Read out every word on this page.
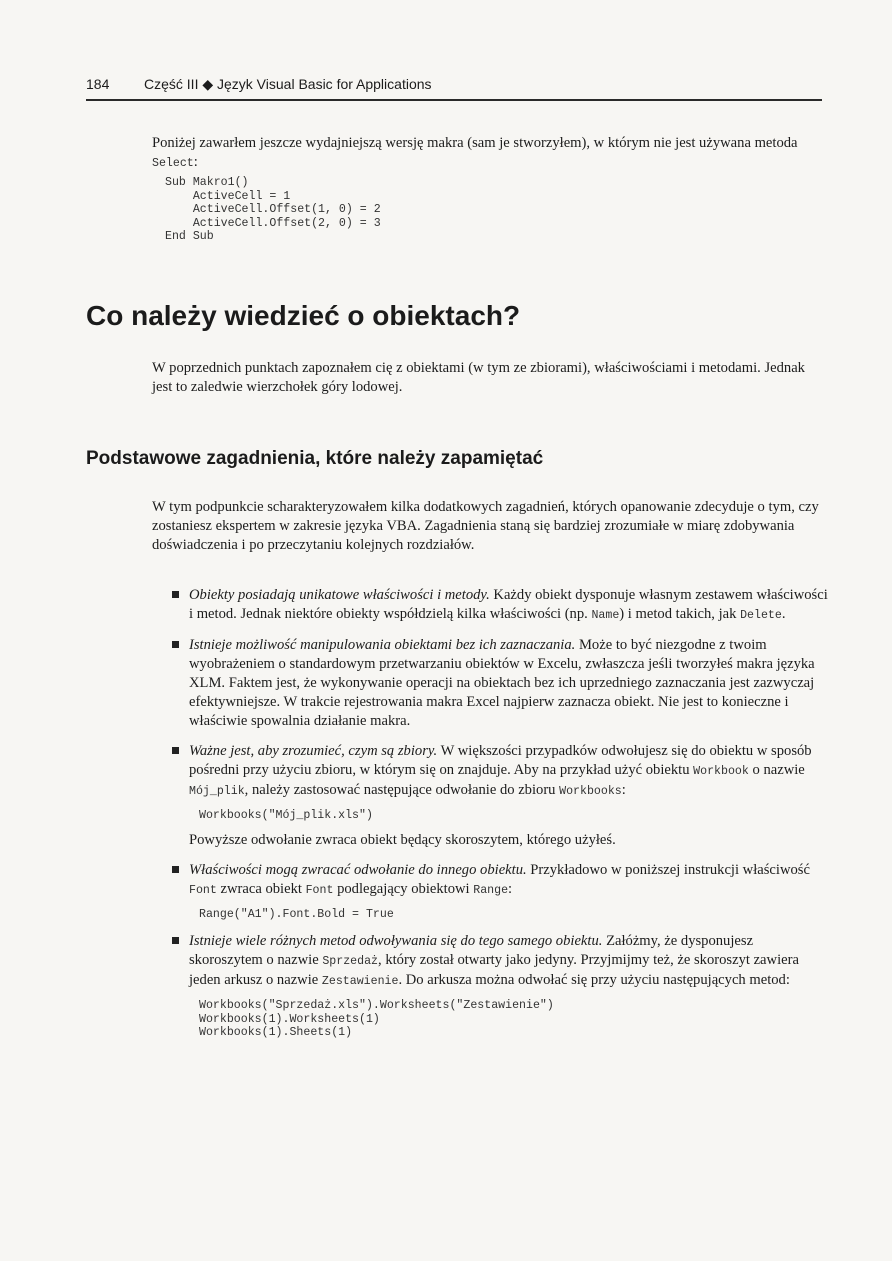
184 Część III ◆ Język Visual Basic for Applications

Poniżej zawarłem jeszcze wydajniejszą wersję makra (sam je stworzyłem), w którym nie jest używana metoda Select:

Sub Makro1()
ActiveCell = 1
ActiveCell.Offset(1, 0) = 2
ActiveCell.Offset(2, 0) = 3
End Sub
Co należy wiedzieć o obiektach?

W poprzednich punktach zapoznałem cię z obiektami (w tym ze zbiorami), właściwościami i metodami. Jednak jest to zaledwie wierzchołek góry lodowej.

Podstawowe zagadnienia, które należy zapamiętać

W tym podpunkcie scharakteryzowałem kilka dodatkowych zagadnień, których opanowanie zdecyduje o tym, czy zostaniesz ekspertem w zakresie języka VBA. Zagadnienia staną się bardziej zrozumiałe w miarę zdobywania doświadczenia i po przeczytaniu kolejnych rozdziałów.

Obiekty posiadają unikatowe właściwości i metody. Każdy obiekt dysponuje własnym zestawem właściwości i metod. Jednak niektóre obiekty współdzielą kilka właściwości (np. Name) i metod takich, jak Delete.
Istnieje możliwość manipulowania obiektami bez ich zaznaczania. Może to być niezgodne z twoim wyobrażeniem o standardowym przetwarzaniu obiektów w Excelu, zwłaszcza jeśli tworzyłeś makra języka XLM. Faktem jest, że wykonywanie operacji na obiektach bez ich uprzedniego zaznaczania jest zazwyczaj efektywniejsze. W trakcie rejestrowania makra Excel najpierw zaznacza obiekt. Nie jest to konieczne i właściwie spowalnia działanie makra.
Ważne jest, aby zrozumieć, czym są zbiory. W większości przypadków odwołujesz się do obiektu w sposób pośredni przy użyciu zbioru, w którym się on znajduje. Aby na przykład użyć obiektu Workbook o nazwie Mój_plik, należy zastosować następujące odwołanie do zbioru Workbooks:
Workbooks("Mój_plik.xls")

Powyższe odwołanie zwraca obiekt będący skoroszytem, którego użyłeś.

Właściwości mogą zwracać odwołanie do innego obiektu. Przykładowo w poniższej instrukcji właściwość Font zwraca obiekt Font podlegający obiektowi Range:
Range("A1").Font.Bold = True
Istnieje wiele różnych metod odwoływania się do tego samego obiektu. Załóżmy, że dysponujesz skoroszytem o nazwie Sprzedaż, który został otwarty jako jedyny. Przyjmijmy też, że skoroszyt zawiera jeden arkusz o nazwie Zestawienie. Do arkusza można odwołać się przy użyciu następujących metod:
Workbooks("Sprzedaż.xls").Worksheets("Zestawienie")
Workbooks(1).Worksheets(1)
Workbooks(1).Sheets(1)
